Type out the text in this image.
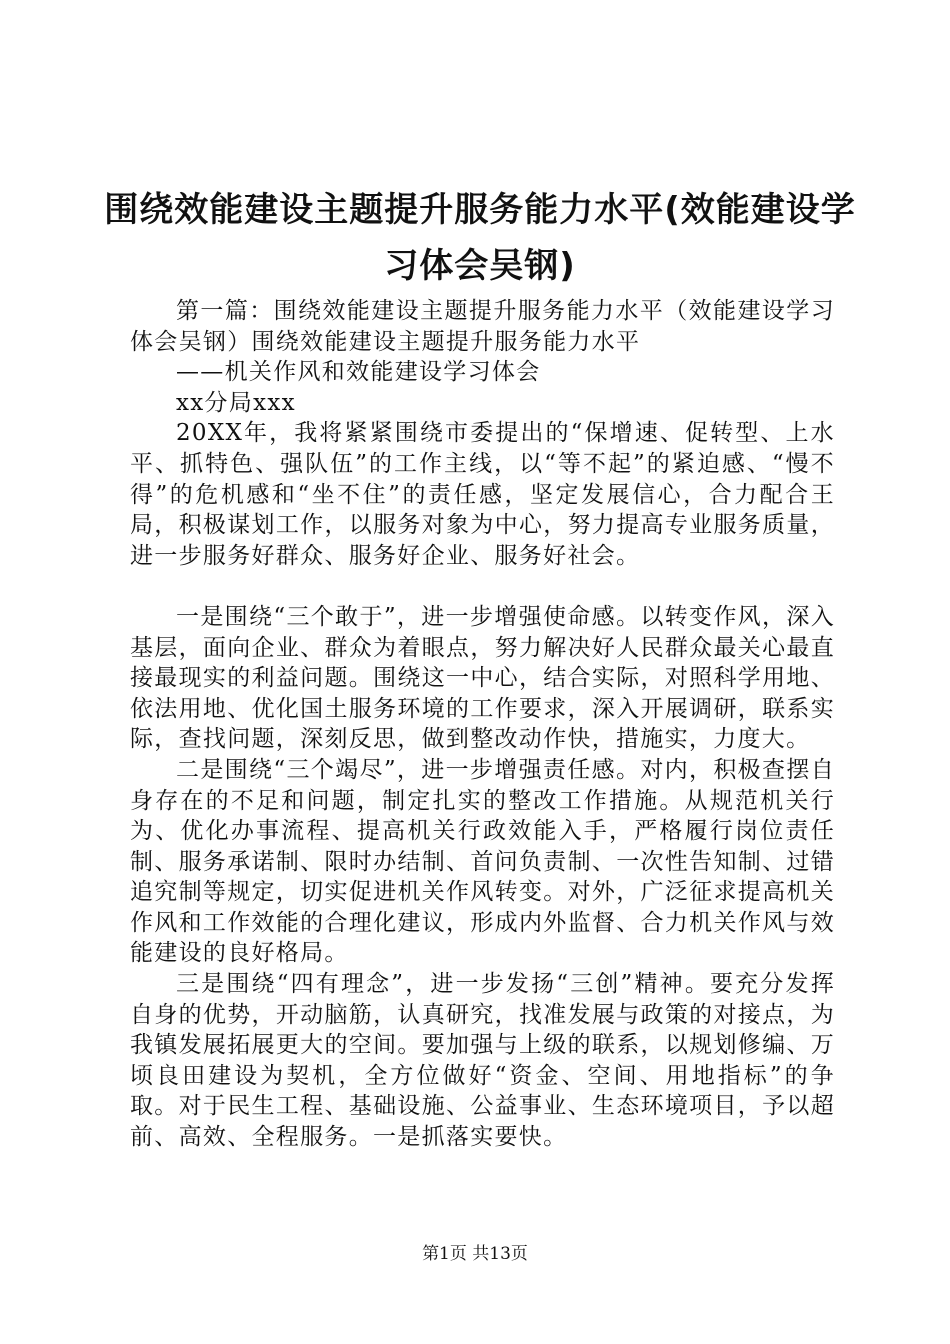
围绕效能建设主题提升服务能力水平(效能建设学习体会吴钢)

第一篇：围绕效能建设主题提升服务能力水平（效能建设学习体会吴钢）围绕效能建设主题提升服务能力水平

——机关作风和效能建设学习体会

xx分局xxx

20XX年，我将紧紧围绕市委提出的“保增速、促转型、上水平、抓特色、强队伍”的工作主线，以“等不起”的紧迫感、“慢不得”的危机感和“坐不住”的责任感，坚定发展信心，合力配合王局，积极谋划工作，以服务对象为中心，努力提高专业服务质量，进一步服务好群众、服务好企业、服务好社会。

一是围绕“三个敢于”，进一步增强使命感。以转变作风，深入基层，面向企业、群众为着眼点，努力解决好人民群众最关心最直接最现实的利益问题。围绕这一中心，结合实际，对照科学用地、依法用地、优化国土服务环境的工作要求，深入开展调研，联系实际，查找问题，深刻反思，做到整改动作快，措施实，力度大。

二是围绕“三个竭尽”，进一步增强责任感。对内，积极查摆自身存在的不足和问题，制定扎实的整改工作措施。从规范机关行为、优化办事流程、提高机关行政效能入手，严格履行岗位责任制、服务承诺制、限时办结制、首问负责制、一次性告知制、过错追究制等规定，切实促进机关作风转变。对外，广泛征求提高机关作风和工作效能的合理化建议，形成内外监督、合力机关作风与效能建设的良好格局。

三是围绕“四有理念”，进一步发扬“三创”精神。要充分发挥自身的优势，开动脑筋，认真研究，找准发展与政策的对接点，为我镇发展拓展更大的空间。要加强与上级的联系，以规划修编、万顷良田建设为契机，全方位做好“资金、空间、用地指标”的争取。对于民生工程、基础设施、公益事业、生态环境项目，予以超前、高效、全程服务。一是抓落实要快。

第1页 共13页
